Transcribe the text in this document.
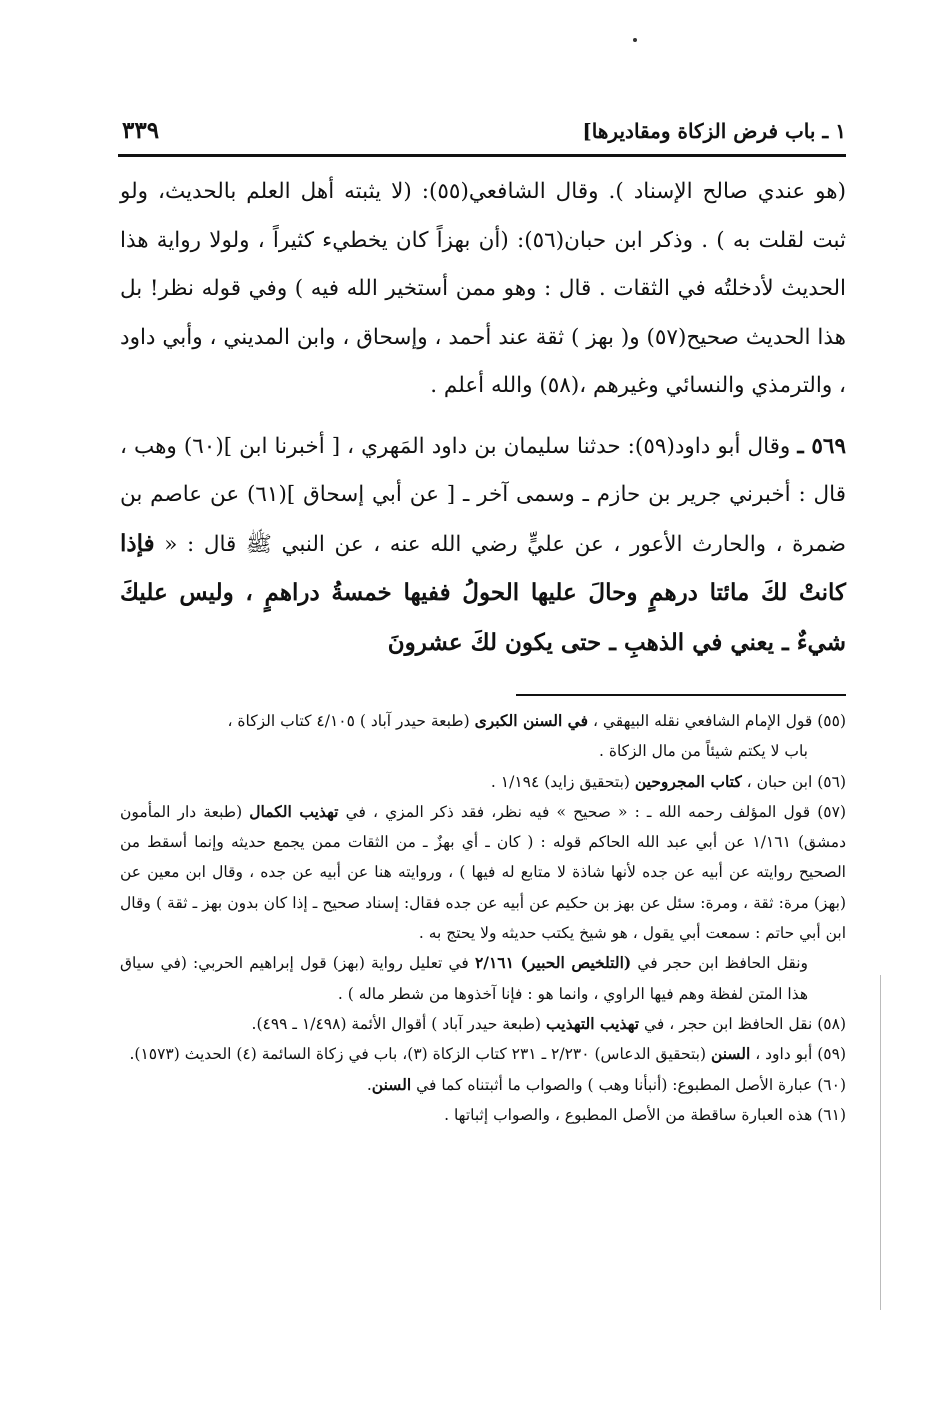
١ ـ باب فرض الزكاة ومقاديرها]
٣٣٩

(هو عندي صالح الإسناد ). وقال الشافعي(٥٥): (لا يثبته أهل العلم بالحديث، ولو ثبت لقلت به ) . وذكر ابن حبان(٥٦): (أن بهزاً كان يخطيء كثيراً ، ولولا رواية هذا الحديث لأدخلتُه في الثقات . قال : وهو ممن أستخير الله فيه ) وفي قوله نظر! بل هذا الحديث صحيح(٥٧) و( بهز ) ثقة عند أحمد ، وإسحاق ، وابن المديني ، وأبي داود ، والترمذي والنسائي وغيرهم ،(٥٨) والله أعلم .

٥٦٩ ـ وقال أبو داود(٥٩): حدثنا سليمان بن داود المَهري ، [ أخبرنا ابن ](٦٠) وهب ، قال : أخبرني جرير بن حازم ـ وسمى آخر ـ [ عن أبي إسحاق ](٦١) عن عاصم بن ضمرة ، والحارث الأعور ، عن عليٍّ رضي الله عنه ، عن النبي ﷺ قال : « فإذا كانتْ لكَ مائتا درهمٍ وحالَ عليها الحولُ ففيها خمسةُ دراهمٍ ، وليس عليكَ شيءٌ ـ يعني في الذهبِ ـ حتى يكون لكَ عشرونَ

(٥٥) قول الإمام الشافعي نقله البيهقي ، في السنن الكبرى (طبعة حيدر آباد ) ٤/١٠٥ كتاب الزكاة ،

باب لا يكتم شيئاً من مال الزكاة .

(٥٦) ابن حبان ، كتاب المجروحين (بتحقيق زايد) ١/١٩٤ .

(٥٧) قول المؤلف رحمه الله ـ : « صحيح » فيه نظر، فقد ذكر المزي ، في تهذيب الكمال (طبعة دار المأمون دمشق) ١/١٦١ عن أبي عبد الله الحاكم قوله : ( كان ـ أي بهزٌ ـ من الثقات ممن يجمع حديثه وإنما أسقط من الصحيح روايته عن أبيه عن جده لأنها شاذة لا متابع له فيها ) ، وروايته هنا عن أبيه عن جده ، وقال ابن معين عن (بهز) مرة: ثقة ، ومرة: سئل عن بهز بن حكيم عن أبيه عن جده فقال: إسناد صحيح ـ إذا كان بدون بهز ـ ثقة ) وقال ابن أبي حاتم : سمعت أبي يقول ، هو شيخ يكتب حديثه ولا يحتج به .

ونقل الحافظ ابن حجر في (التلخيص الحبير) ٢/١٦١ في تعليل رواية (بهز) قول إبراهيم الحربي: (في سياق هذا المتن لفظة وهم فيها الراوي ، وانما هو : فإنا آخذوها من شطر ماله ) .

(٥٨) نقل الحافظ ابن حجر ، في تهذيب التهذيب (طبعة حيدر آباد ) أقوال الأئمة (١/٤٩٨ ـ ٤٩٩).

(٥٩) أبو داود ، السنن (بتحقيق الدعاس) ٢/٢٣٠ ـ ٢٣١ كتاب الزكاة (٣)، باب في زكاة السائمة (٤) الحديث (١٥٧٣).

(٦٠) عبارة الأصل المطبوع: (أنبأنا وهب ) والصواب ما أثبتناه كما في السنن.

(٦١) هذه العبارة ساقطة من الأصل المطبوع ، والصواب إثباتها .
